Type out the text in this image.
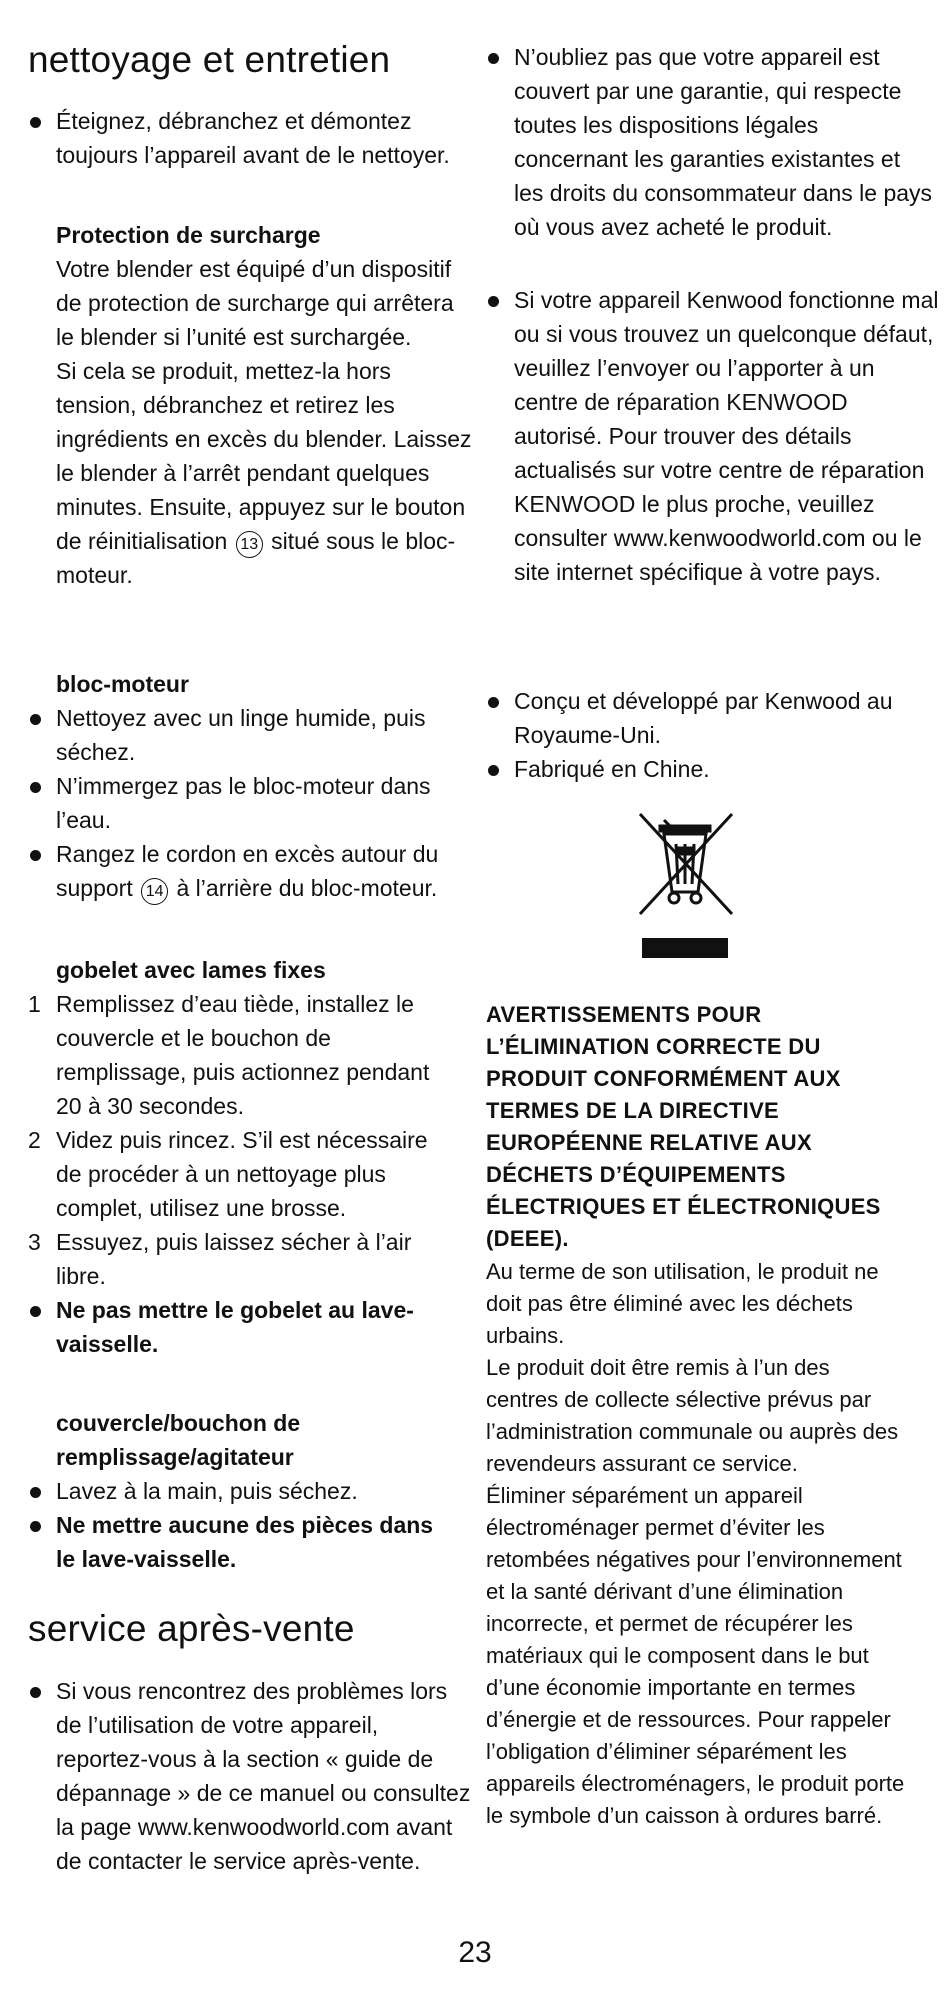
nettoyage et entretien
Éteignez, débranchez et démontez toujours l’appareil avant de le nettoyer.

Protection de surcharge

Votre blender est équipé d’un dispositif de protection de surcharge qui arrêtera le blender si l’unité est surchargée.

Si cela se produit, mettez-la hors tension, débranchez et retirez les ingrédients en excès du blender. Laissez le blender à l’arrêt pendant quelques minutes. Ensuite, appuyez sur le bouton de réinitialisation 13 situé sous le bloc-moteur.

bloc-moteur

Nettoyez avec un linge humide, puis séchez.
N’immergez pas le bloc-moteur dans l’eau.
Rangez le cordon en excès autour du support 14 à l’arrière du bloc-moteur.

gobelet avec lames fixes

1 Remplissez d’eau tiède, installez le couvercle et le bouchon de remplissage, puis actionnez pendant 20 à 30 secondes.
2 Videz puis rincez. S’il est nécessaire de procéder à un nettoyage plus complet, utilisez une brosse.
3 Essuyez, puis laissez sécher à l’air libre.
Ne pas mettre le gobelet au lave-vaisselle.

couvercle/bouchon de remplissage/agitateur

Lavez à la main, puis séchez.
Ne mettre aucune des pièces dans le lave-vaisselle.
service après-vente
Si vous rencontrez des problèmes lors de l’utilisation de votre appareil, reportez-vous à la section « guide de dépannage » de ce manuel ou consultez la page www.kenwoodworld.com avant de contacter le service après-vente.
N’oubliez pas que votre appareil est couvert par une garantie, qui respecte toutes les dispositions légales concernant les garanties existantes et les droits du consommateur dans le pays où vous avez acheté le produit.
Si votre appareil Kenwood fonctionne mal ou si vous trouvez un quelconque défaut, veuillez l’envoyer ou l’apporter à un centre de réparation KENWOOD autorisé. Pour trouver des détails actualisés sur votre centre de réparation KENWOOD le plus proche, veuillez consulter www.kenwoodworld.com ou le site internet spécifique à votre pays.
Conçu et développé par Kenwood au Royaume-Uni.
Fabriqué en Chine.

AVERTISSEMENTS POUR L’ÉLIMINATION CORRECTE DU PRODUIT CONFORMÉMENT AUX TERMES DE LA DIRECTIVE EUROPÉENNE RELATIVE AUX DÉCHETS D’ÉQUIPEMENTS ÉLECTRIQUES ET ÉLECTRONIQUES (DEEE).

Au terme de son utilisation, le produit ne doit pas être éliminé avec les déchets urbains.

Le produit doit être remis à l’un des centres de collecte sélective prévus par l’administration communale ou auprès des revendeurs assurant ce service.

Éliminer séparément un appareil électroménager permet d’éviter les retombées négatives pour l’environnement et la santé dérivant d’une élimination incorrecte, et permet de récupérer les matériaux qui le composent dans le but d’une économie importante en termes d’énergie et de ressources. Pour rappeler l’obligation d’éliminer séparément les appareils électroménagers, le produit porte le symbole d’un caisson à ordures barré.

23
